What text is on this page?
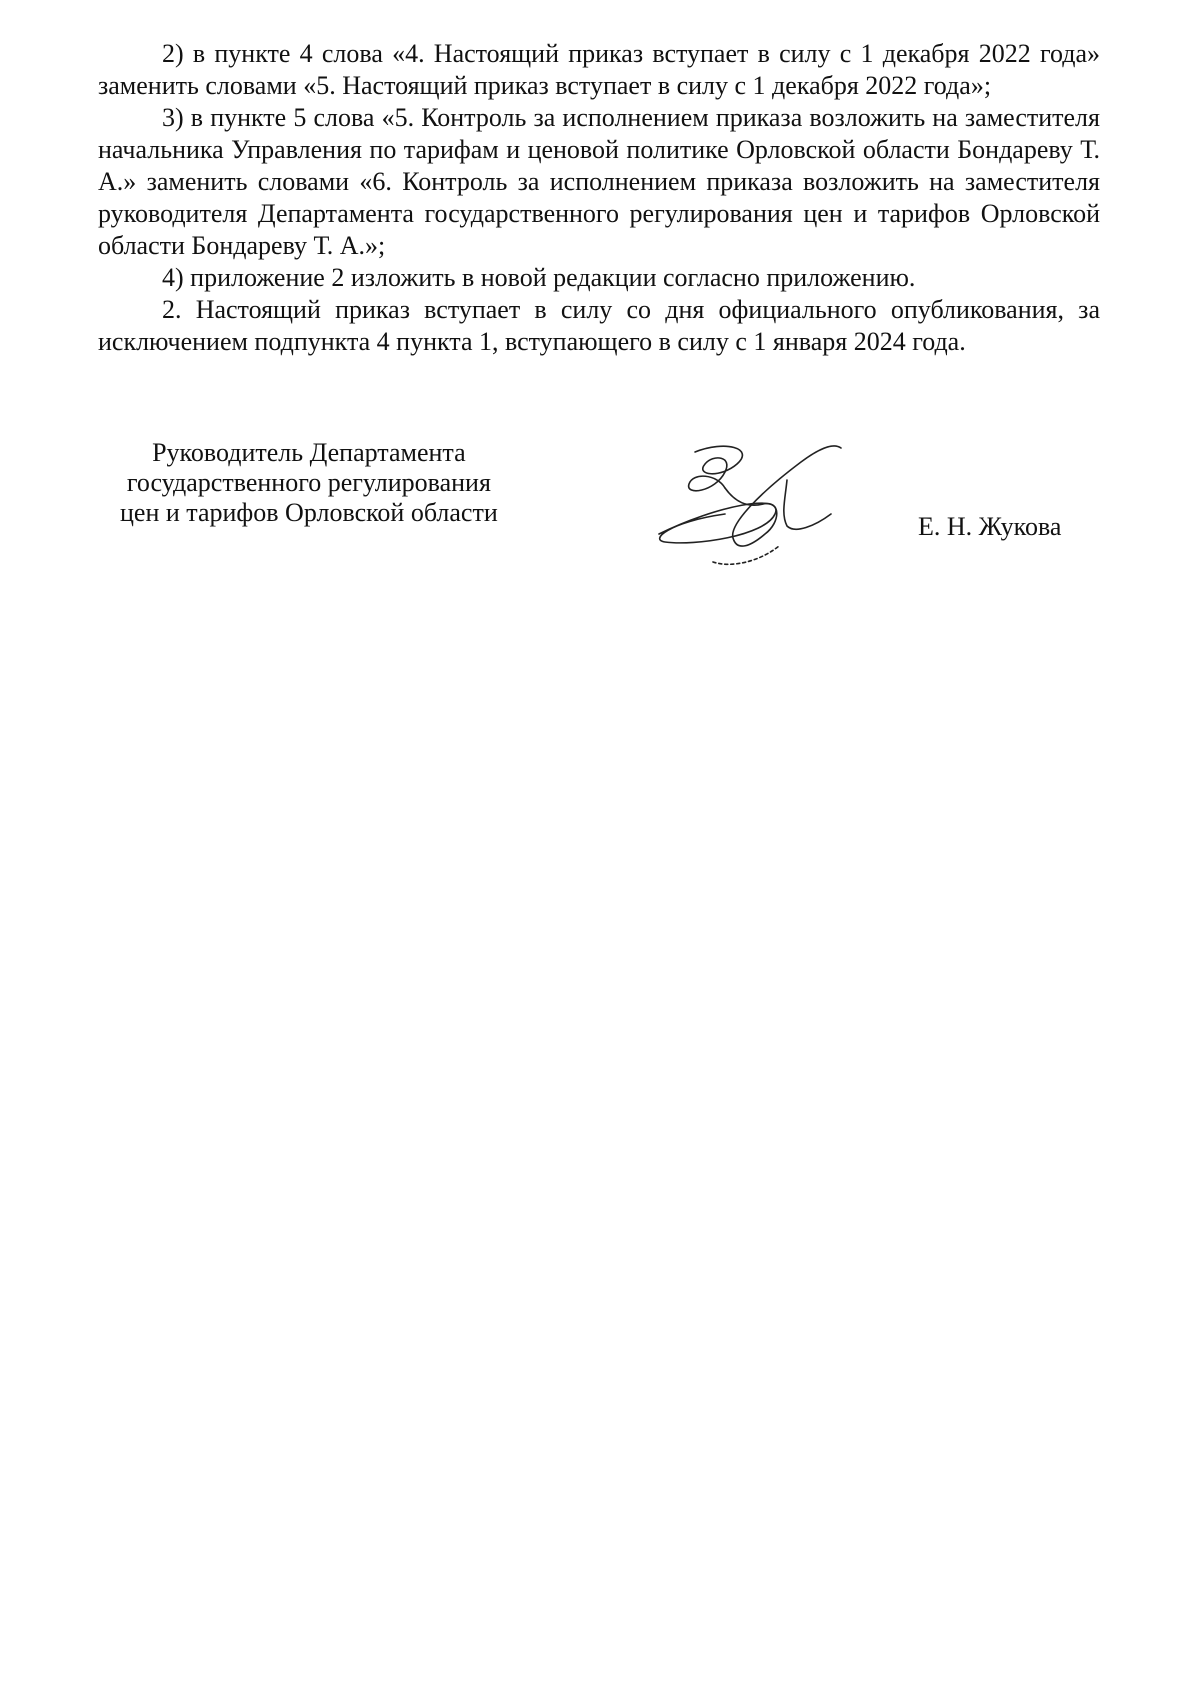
2) в пункте 4 слова «4. Настоящий приказ вступает в силу с 1 декабря 2022 года» заменить словами «5. Настоящий приказ вступает в силу с 1 декабря 2022 года»;

3) в пункте 5 слова «5. Контроль за исполнением приказа возложить на заместителя начальника Управления по тарифам и ценовой политике Орловской области Бондареву Т. А.» заменить словами «6. Контроль за исполнением приказа возложить на заместителя руководителя Департамента государственного регулирования цен и тарифов Орловской области Бондареву Т. А.»;

4) приложение 2 изложить в новой редакции согласно приложению.

2. Настоящий приказ вступает в силу со дня официального опубликования, за исключением подпункта 4 пункта 1, вступающего в силу с 1 января 2024 года.

Руководитель Департамента
государственного регулирования
цен и тарифов Орловской области	Е. Н. Жукова
